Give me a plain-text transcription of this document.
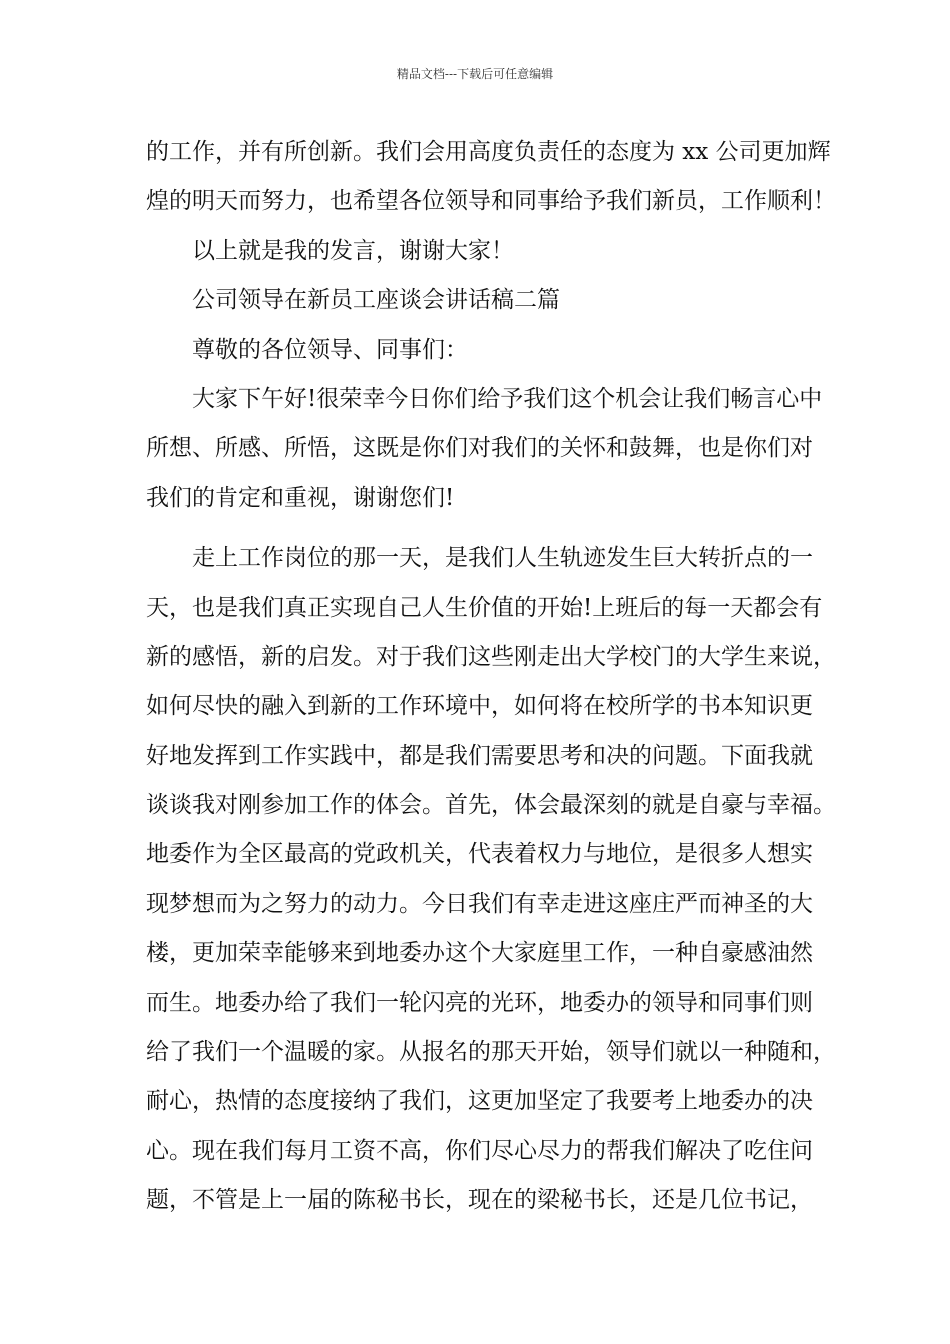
精品文档---下载后可任意编辑
的工作，并有所创新。我们会用高度负责任的态度为 xx 公司更加辉
煌的明天而努力，也希望各位领导和同事给予我们新员，工作顺利！
以上就是我的发言，谢谢大家！
公司领导在新员工座谈会讲话稿二篇
尊敬的各位领导、同事们：
大家下午好!很荣幸今日你们给予我们这个机会让我们畅言心中
所想、所感、所悟，这既是你们对我们的关怀和鼓舞，也是你们对
我们的肯定和重视，谢谢您们!
走上工作岗位的那一天，是我们人生轨迹发生巨大转折点的一
天，也是我们真正实现自己人生价值的开始!上班后的每一天都会有
新的感悟，新的启发。对于我们这些刚走出大学校门的大学生来说，
如何尽快的融入到新的工作环境中，如何将在校所学的书本知识更
好地发挥到工作实践中，都是我们需要思考和决的问题。下面我就
谈谈我对刚参加工作的体会。首先，体会最深刻的就是自豪与幸福。
地委作为全区最高的党政机关，代表着权力与地位，是很多人想实
现梦想而为之努力的动力。今日我们有幸走进这座庄严而神圣的大
楼，更加荣幸能够来到地委办这个大家庭里工作，一种自豪感油然
而生。地委办给了我们一轮闪亮的光环，地委办的领导和同事们则
给了我们一个温暖的家。从报名的那天开始，领导们就以一种随和，
耐心，热情的态度接纳了我们，这更加坚定了我要考上地委办的决
心。现在我们每月工资不高，你们尽心尽力的帮我们解决了吃住问
题，不管是上一届的陈秘书长，现在的梁秘书长，还是几位书记，
